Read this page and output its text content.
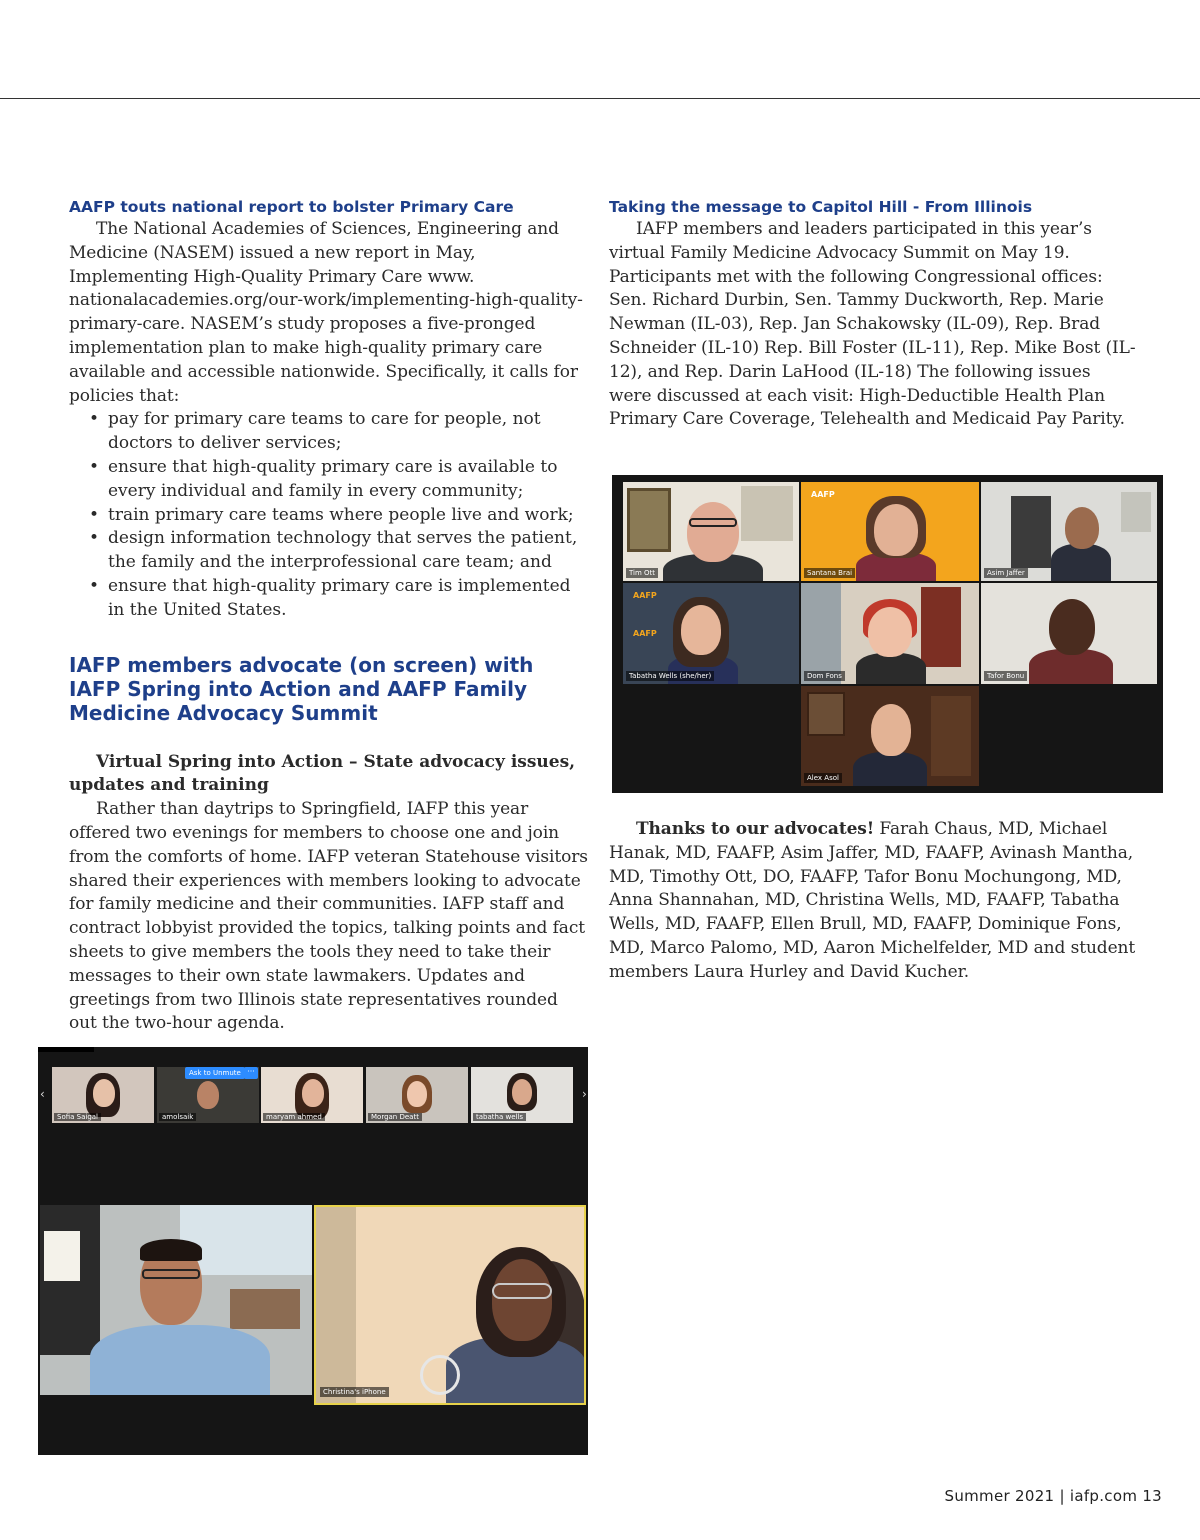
AAFP touts national report to bolster Primary Care

The National Academies of Sciences, Engineering and Medicine (NASEM) issued a new report in May, Implementing High-Quality Primary Care www. nationalacademies.org/our-work/implementing-high-quality-primary-care. NASEM’s study proposes a five-pronged implementation plan to make high-quality primary care available and accessible nationwide. Specifically, it calls for policies that:

• pay for primary care teams to care for people, not doctors to deliver services;
• ensure that high-quality primary care is available to every individual and family in every community;
• train primary care teams where people live and work;
• design information technology that serves the patient, the family and the interprofessional care team; and
• ensure that high-quality primary care is implemented in the United States.
IAFP members advocate (on screen) with IAFP Spring into Action and AAFP Family Medicine Advocacy Summit

Virtual Spring into Action – State advocacy issues, updates and training

Rather than daytrips to Springfield, IAFP this year offered two evenings for members to choose one and join from the comforts of home. IAFP veteran Statehouse visitors shared their experiences with members looking to advocate for family medicine and their communities. IAFP staff and contract lobbyist provided the topics, talking points and fact sheets to give members the tools they need to take their messages to their own state lawmakers. Updates and greetings from two Illinois state representatives rounded out the two-hour agenda.

Taking the message to Capitol Hill - From Illinois

IAFP members and leaders participated in this year’s virtual Family Medicine Advocacy Summit on May 19. Participants met with the following Congressional offices: Sen. Richard Durbin, Sen. Tammy Duckworth, Rep. Marie Newman (IL-03), Rep. Jan Schakowsky (IL-09), Rep. Brad Schneider (IL-10) Rep. Bill Foster (IL-11), Rep. Mike Bost (IL-12), and Rep. Darin LaHood (IL-18) The following issues were discussed at each visit: High-Deductible Health Plan Primary Care Coverage, Telehealth and Medicaid Pay Parity.

Tim Ott
AAFP
Santana Brai	Asim Jaffer
AAFP
AAFP
Tabatha Wells (she/her)	Dom Fons	Tafor Bonu
Alex Asol

Thanks to our advocates! Farah Chaus, MD, Michael Hanak, MD, FAAFP, Asim Jaffer, MD, FAAFP, Avinash Mantha, MD, Timothy Ott, DO, FAAFP, Tafor Bonu Mochungong, MD, Anna Shannahan, MD, Christina Wells, MD, FAAFP, Tabatha Wells, MD, FAAFP, Ellen Brull, MD, FAAFP, Dominique Fons, MD, Marco Palomo, MD, Aaron Michelfelder, MD and student members Laura Hurley and David Kucher.

‹	›
Sofia Saigal	amolsaik
Ask to Unmute ···
maryam ahmed	Morgan Deatt	tabatha wells
Christina's iPhone
Summer 2021 | iafp.com 13
